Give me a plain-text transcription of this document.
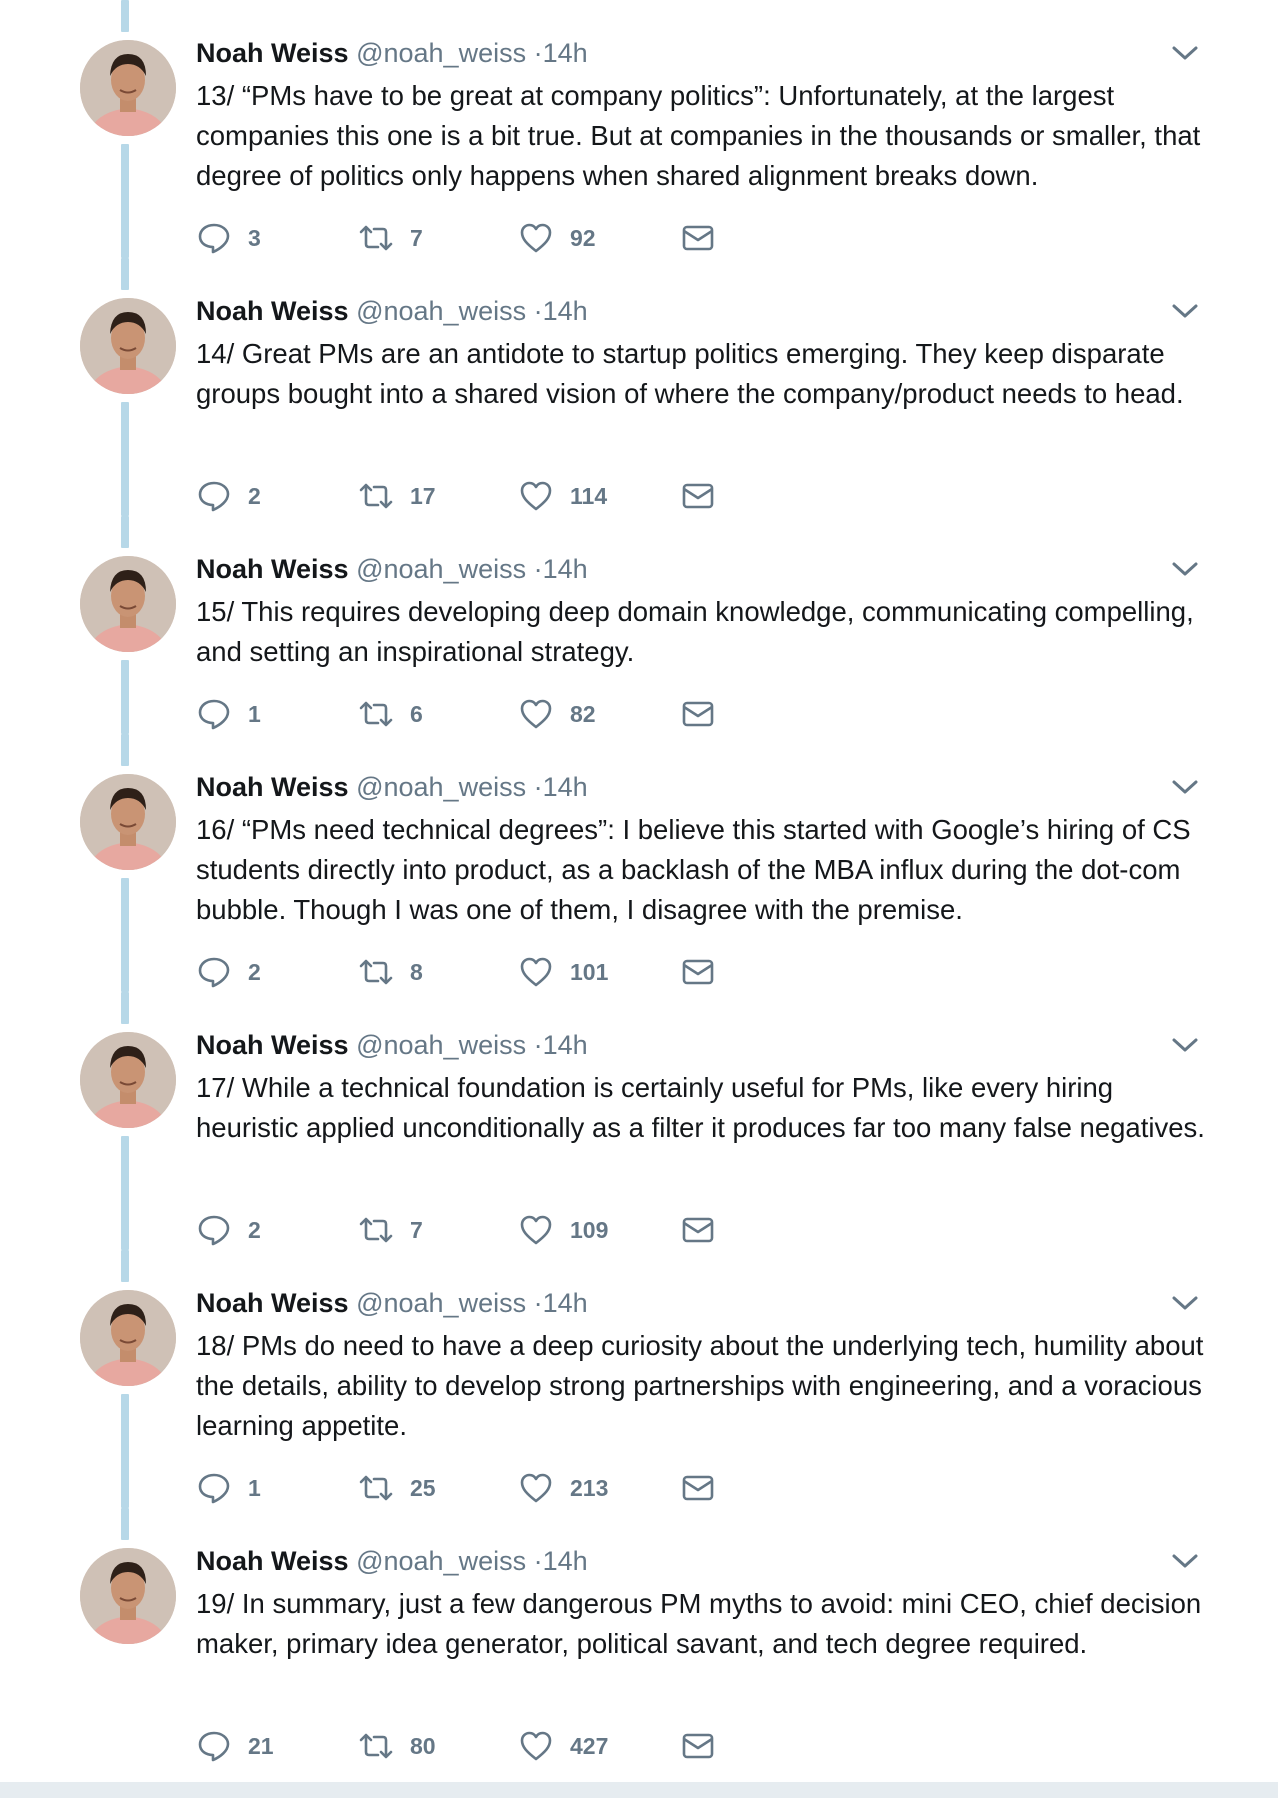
Noah Weiss @noah_weiss ·14h
13/ “PMs have to be great at company politics”: Unfortunately, at the largest companies this one is a bit true. But at companies in the thousands or smaller, that degree of politics only happens when shared alignment breaks down.
3	7	92
Noah Weiss @noah_weiss ·14h
14/ Great PMs are an antidote to startup politics emerging. They keep disparate groups bought into a shared vision of where the company/product needs to head.
2	17	114
Noah Weiss @noah_weiss ·14h
15/ This requires developing deep domain knowledge, communicating compelling, and setting an inspirational strategy.
1	6	82
Noah Weiss @noah_weiss ·14h
16/ “PMs need technical degrees”: I believe this started with Google’s hiring of CS students directly into product, as a backlash of the MBA influx during the dot-com bubble. Though I was one of them, I disagree with the premise.
2	8	101
Noah Weiss @noah_weiss ·14h
17/ While a technical foundation is certainly useful for PMs, like every hiring heuristic applied unconditionally as a filter it produces far too many false negatives.
2	7	109
Noah Weiss @noah_weiss ·14h
18/ PMs do need to have a deep curiosity about the underlying tech, humility about the details, ability to develop strong partnerships with engineering, and a voracious learning appetite.
1	25	213
Noah Weiss @noah_weiss ·14h
19/ In summary, just a few dangerous PM myths to avoid: mini CEO, chief decision maker, primary idea generator, political savant, and tech degree required.
21	80	427
